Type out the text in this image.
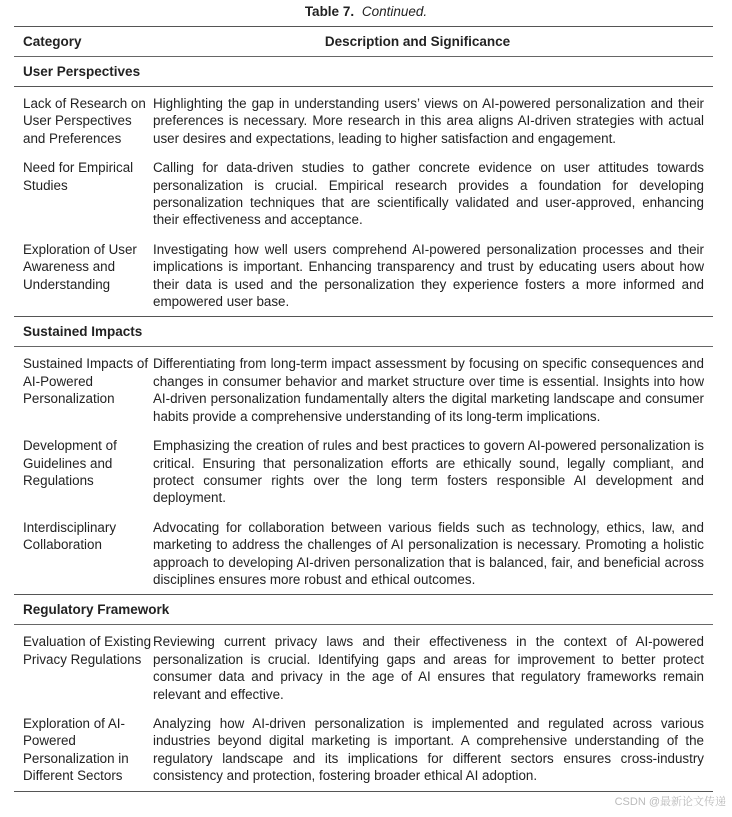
Table 7. Continued.
Category	Description and Significance
User Perspectives
Lack of Research on User Perspectives and Preferences
Highlighting the gap in understanding users’ views on AI-powered personalization and their preferences is necessary. More research in this area aligns AI-driven strategies with actual user desires and expectations, leading to higher satisfaction and engagement.
Need for Empirical Studies
Calling for data-driven studies to gather concrete evidence on user attitudes towards personalization is crucial. Empirical research provides a foundation for developing personalization techniques that are scientifically validated and user-approved, enhancing their effectiveness and acceptance.
Exploration of User Awareness and Understanding
Investigating how well users comprehend AI-powered personalization processes and their implications is important. Enhancing transparency and trust by educating users about how their data is used and the personalization they experience fosters a more informed and empowered user base.
Sustained Impacts
Sustained Impacts of AI-Powered Personalization
Differentiating from long-term impact assessment by focusing on specific consequences and changes in consumer behavior and market structure over time is essential. Insights into how AI-driven personalization fundamentally alters the digital marketing landscape and consumer habits provide a comprehensive understanding of its long-term implications.
Development of Guidelines and Regulations
Emphasizing the creation of rules and best practices to govern AI-powered personalization is critical. Ensuring that personalization efforts are ethically sound, legally compliant, and protect consumer rights over the long term fosters responsible AI development and deployment.
Interdisciplinary Collaboration
Advocating for collaboration between various fields such as technology, ethics, law, and marketing to address the challenges of AI personalization is necessary. Promoting a holistic approach to developing AI-driven personalization that is balanced, fair, and beneficial across disciplines ensures more robust and ethical outcomes.
Regulatory Framework
Evaluation of Existing Privacy Regulations
Reviewing current privacy laws and their effectiveness in the context of AI-powered personalization is crucial. Identifying gaps and areas for improvement to better protect consumer data and privacy in the age of AI ensures that regulatory frameworks remain relevant and effective.
Exploration of AI-Powered Personalization in Different Sectors
Analyzing how AI-driven personalization is implemented and regulated across various industries beyond digital marketing is important. A comprehensive understanding of the regulatory landscape and its implications for different sectors ensures cross-industry consistency and protection, fostering broader ethical AI adoption.
CSDN @最新论文传递
